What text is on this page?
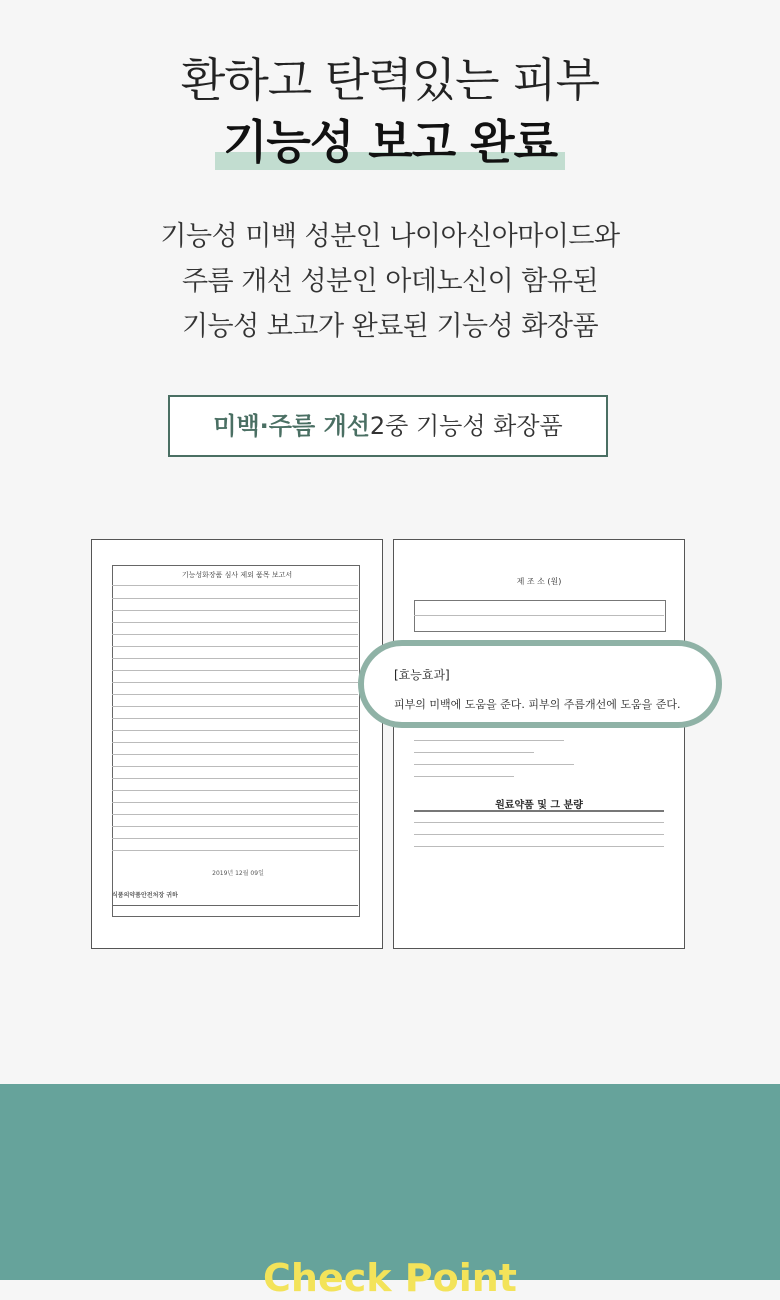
환하고 탄력있는 피부
기능성 보고 완료
기능성 미백 성분인 나이아신아마이드와
주름 개선 성분인 아데노신이 함유된
기능성 보고가 완료된 기능성 화장품
미백·주름 개선2중 기능성 화장품
기능성화장품 심사 제외 품목 보고서
2019년 12월 09일
식품의약품안전처장 귀하
제 조 소 (원)
원료약품 및 그 분량
[효능효과]
피부의 미백에 도움을 준다. 피부의 주름개선에 도움을 준다.
Check Point
